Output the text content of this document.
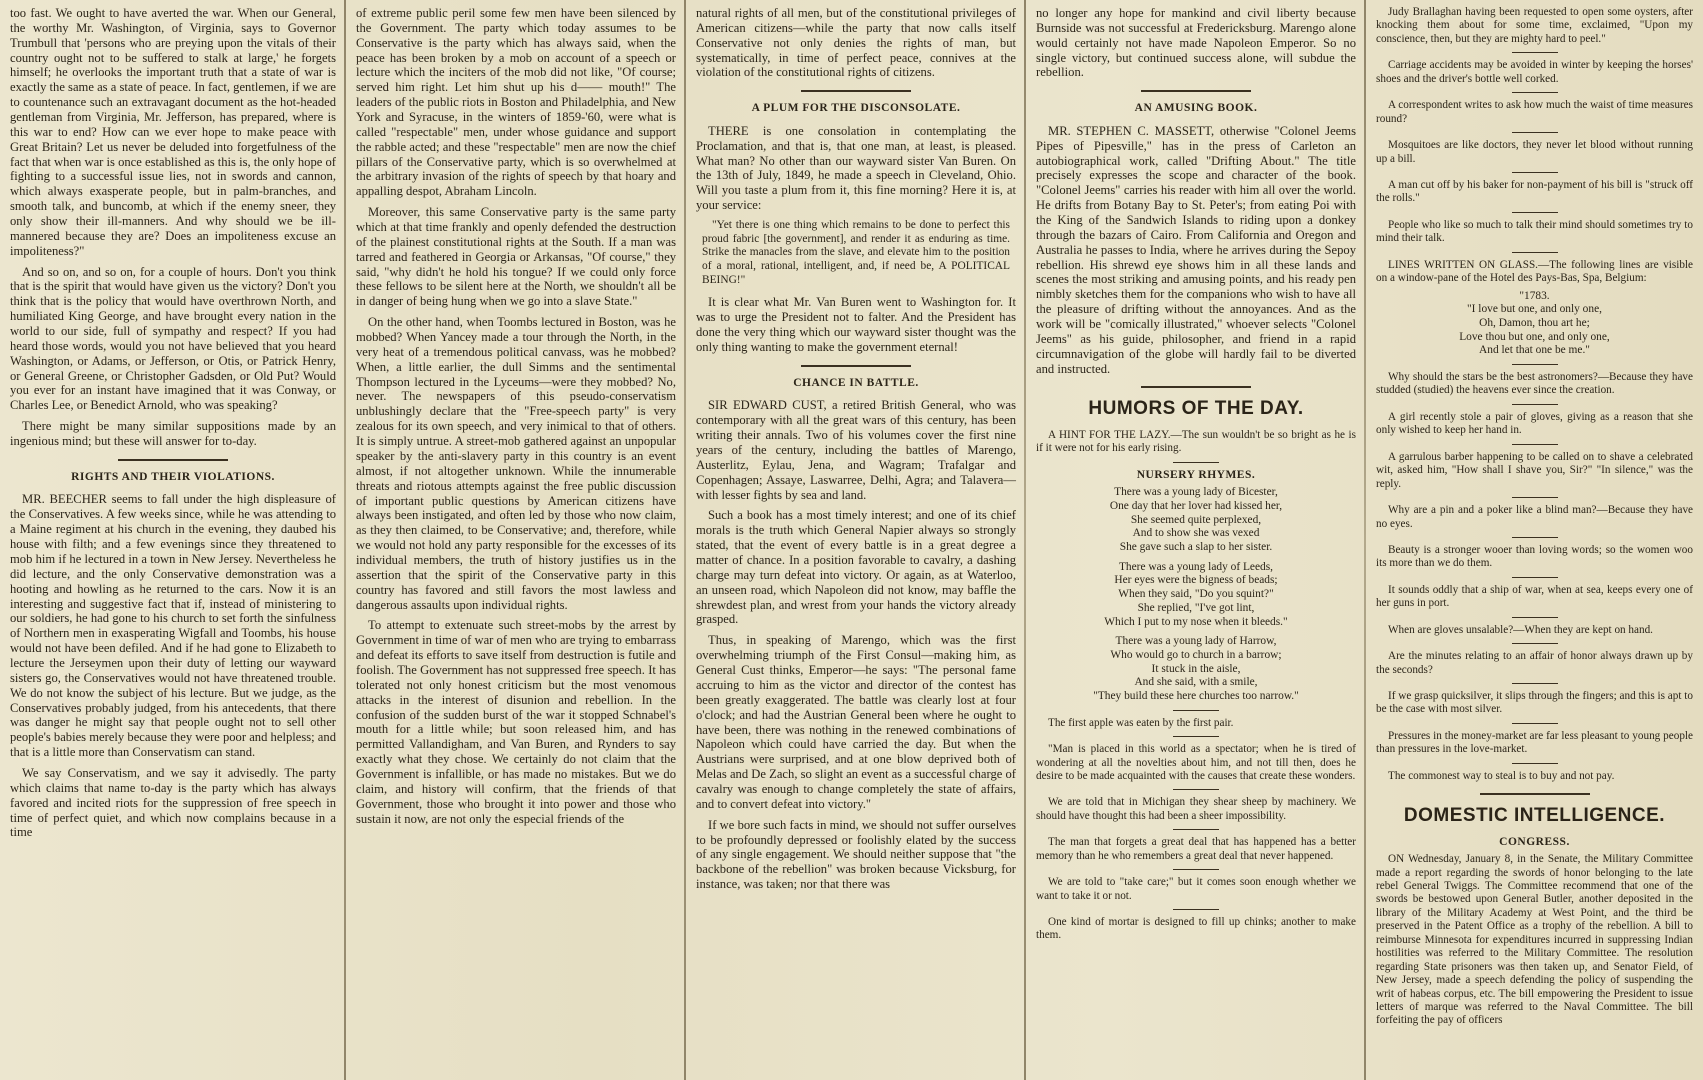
too fast. We ought to have averted the war. When our General, the worthy Mr. Washington, of Virginia, says to Governor Trumbull that 'persons who are preying upon the vitals of their country ought not to be suffered to stalk at large,' he forgets himself; he overlooks the important truth that a state of war is exactly the same as a state of peace. In fact, gentlemen, if we are to countenance such an extravagant document as the hot-headed gentleman from Virginia, Mr. Jefferson, has prepared, where is this war to end? How can we ever hope to make peace with Great Britain? Let us never be deluded into forgetfulness of the fact that when war is once established as this is, the only hope of fighting to a successful issue lies, not in swords and cannon, which always exasperate people, but in palm-branches, and smooth talk, and buncomb, at which if the enemy sneer, they only show their ill-manners. And why should we be ill-mannered because they are? Does an impoliteness excuse an impoliteness?"

And so on, and so on, for a couple of hours. Don't you think that is the spirit that would have given us the victory? Don't you think that is the policy that would have overthrown North, and humiliated King George, and have brought every nation in the world to our side, full of sympathy and respect? If you had heard those words, would you not have believed that you heard Washington, or Adams, or Jefferson, or Otis, or Patrick Henry, or General Greene, or Christopher Gadsden, or Old Put? Would you ever for an instant have imagined that it was Conway, or Charles Lee, or Benedict Arnold, who was speaking?

There might be many similar suppositions made by an ingenious mind; but these will answer for to-day.

RIGHTS AND THEIR VIOLATIONS.

MR. BEECHER seems to fall under the high displeasure of the Conservatives. A few weeks since, while he was attending to a Maine regiment at his church in the evening, they daubed his house with filth; and a few evenings since they threatened to mob him if he lectured in a town in New Jersey. Nevertheless he did lecture, and the only Conservative demonstration was a hooting and howling as he returned to the cars. Now it is an interesting and suggestive fact that if, instead of ministering to our soldiers, he had gone to his church to set forth the sinfulness of Northern men in exasperating Wigfall and Toombs, his house would not have been defiled. And if he had gone to Elizabeth to lecture the Jerseymen upon their duty of letting our wayward sisters go, the Conservatives would not have threatened trouble. We do not know the subject of his lecture. But we judge, as the Conservatives probably judged, from his antecedents, that there was danger he might say that people ought not to sell other people's babies merely because they were poor and helpless; and that is a little more than Conservatism can stand.

We say Conservatism, and we say it advisedly. The party which claims that name to-day is the party which has always favored and incited riots for the suppression of free speech in time of perfect quiet, and which now complains because in a time

of extreme public peril some few men have been silenced by the Government. The party which today assumes to be Conservative is the party which has always said, when the peace has been broken by a mob on account of a speech or lecture which the inciters of the mob did not like, "Of course; served him right. Let him shut up his d—— mouth!" The leaders of the public riots in Boston and Philadelphia, and New York and Syracuse, in the winters of 1859-'60, were what is called "respectable" men, under whose guidance and support the rabble acted; and these "respectable" men are now the chief pillars of the Conservative party, which is so overwhelmed at the arbitrary invasion of the rights of speech by that hoary and appalling despot, Abraham Lincoln.

Moreover, this same Conservative party is the same party which at that time frankly and openly defended the destruction of the plainest constitutional rights at the South. If a man was tarred and feathered in Georgia or Arkansas, "Of course," they said, "why didn't he hold his tongue? If we could only force these fellows to be silent here at the North, we shouldn't all be in danger of being hung when we go into a slave State."

On the other hand, when Toombs lectured in Boston, was he mobbed? When Yancey made a tour through the North, in the very heat of a tremendous political canvass, was he mobbed? When, a little earlier, the dull Simms and the sentimental Thompson lectured in the Lyceums—were they mobbed? No, never. The newspapers of this pseudo-conservatism unblushingly declare that the "Free-speech party" is very zealous for its own speech, and very inimical to that of others. It is simply untrue. A street-mob gathered against an unpopular speaker by the anti-slavery party in this country is an event almost, if not altogether unknown. While the innumerable threats and riotous attempts against the free public discussion of important public questions by American citizens have always been instigated, and often led by those who now claim, as they then claimed, to be Conservative; and, therefore, while we would not hold any party responsible for the excesses of its individual members, the truth of history justifies us in the assertion that the spirit of the Conservative party in this country has favored and still favors the most lawless and dangerous assaults upon individual rights.

To attempt to extenuate such street-mobs by the arrest by Government in time of war of men who are trying to embarrass and defeat its efforts to save itself from destruction is futile and foolish. The Government has not suppressed free speech. It has tolerated not only honest criticism but the most venomous attacks in the interest of disunion and rebellion. In the confusion of the sudden burst of the war it stopped Schnabel's mouth for a little while; but soon released him, and has permitted Vallandigham, and Van Buren, and Rynders to say exactly what they chose. We certainly do not claim that the Government is infallible, or has made no mistakes. But we do claim, and history will confirm, that the friends of that Government, those who brought it into power and those who sustain it now, are not only the especial friends of the

natural rights of all men, but of the constitutional privileges of American citizens—while the party that now calls itself Conservative not only denies the rights of man, but systematically, in time of perfect peace, connives at the violation of the constitutional rights of citizens.

A PLUM FOR THE DISCONSOLATE.

THERE is one consolation in contemplating the Proclamation, and that is, that one man, at least, is pleased. What man? No other than our wayward sister Van Buren. On the 13th of July, 1849, he made a speech in Cleveland, Ohio. Will you taste a plum from it, this fine morning? Here it is, at your service:

"Yet there is one thing which remains to be done to perfect this proud fabric [the government], and render it as enduring as time. Strike the manacles from the slave, and elevate him to the position of a moral, rational, intelligent, and, if need be, A POLITICAL BEING!"

It is clear what Mr. Van Buren went to Washington for. It was to urge the President not to falter. And the President has done the very thing which our wayward sister thought was the only thing wanting to make the government eternal!

CHANCE IN BATTLE.

SIR EDWARD CUST, a retired British General, who was contemporary with all the great wars of this century, has been writing their annals. Two of his volumes cover the first nine years of the century, including the battles of Marengo, Austerlitz, Eylau, Jena, and Wagram; Trafalgar and Copenhagen; Assaye, Laswarree, Delhi, Agra; and Talavera—with lesser fights by sea and land.

Such a book has a most timely interest; and one of its chief morals is the truth which General Napier always so strongly stated, that the event of every battle is in a great degree a matter of chance. In a position favorable to cavalry, a dashing charge may turn defeat into victory. Or again, as at Waterloo, an unseen road, which Napoleon did not know, may baffle the shrewdest plan, and wrest from your hands the victory already grasped.

Thus, in speaking of Marengo, which was the first overwhelming triumph of the First Consul—making him, as General Cust thinks, Emperor—he says: "The personal fame accruing to him as the victor and director of the contest has been greatly exaggerated. The battle was clearly lost at four o'clock; and had the Austrian General been where he ought to have been, there was nothing in the renewed combinations of Napoleon which could have carried the day. But when the Austrians were surprised, and at one blow deprived both of Melas and De Zach, so slight an event as a successful charge of cavalry was enough to change completely the state of affairs, and to convert defeat into victory."

If we bore such facts in mind, we should not suffer ourselves to be profoundly depressed or foolishly elated by the success of any single engagement. We should neither suppose that "the backbone of the rebellion" was broken because Vicksburg, for instance, was taken; nor that there was

no longer any hope for mankind and civil liberty because Burnside was not successful at Fredericksburg. Marengo alone would certainly not have made Napoleon Emperor. So no single victory, but continued success alone, will subdue the rebellion.

AN AMUSING BOOK.

MR. STEPHEN C. MASSETT, otherwise "Colonel Jeems Pipes of Pipesville," has in the press of Carleton an autobiographical work, called "Drifting About." The title precisely expresses the scope and character of the book. "Colonel Jeems" carries his reader with him all over the world. He drifts from Botany Bay to St. Peter's; from eating Poi with the King of the Sandwich Islands to riding upon a donkey through the bazars of Cairo. From California and Oregon and Australia he passes to India, where he arrives during the Sepoy rebellion. His shrewd eye shows him in all these lands and scenes the most striking and amusing points, and his ready pen nimbly sketches them for the companions who wish to have all the pleasure of drifting without the annoyances. And as the work will be "comically illustrated," whoever selects "Colonel Jeems" as his guide, philosopher, and friend in a rapid circumnavigation of the globe will hardly fail to be diverted and instructed.

HUMORS OF THE DAY.

A HINT FOR THE LAZY.—The sun wouldn't be so bright as he is if it were not for his early rising.

NURSERY RHYMES.
There was a young lady of Bicester,
One day that her lover had kissed her,
She seemed quite perplexed,
And to show she was vexed
She gave such a slap to her sister.
There was a young lady of Leeds,
Her eyes were the bigness of beads;
When they said, "Do you squint?"
She replied, "I've got lint,
Which I put to my nose when it bleeds."
There was a young lady of Harrow,
Who would go to church in a barrow;
It stuck in the aisle,
And she said, with a smile,
"They build these here churches too narrow."

The first apple was eaten by the first pair.

"Man is placed in this world as a spectator; when he is tired of wondering at all the novelties about him, and not till then, does he desire to be made acquainted with the causes that create these wonders.

We are told that in Michigan they shear sheep by machinery. We should have thought this had been a sheer impossibility.

The man that forgets a great deal that has happened has a better memory than he who remembers a great deal that never happened.

We are told to "take care;" but it comes soon enough whether we want to take it or not.

One kind of mortar is designed to fill up chinks; another to make them.

Judy Brallaghan having been requested to open some oysters, after knocking them about for some time, exclaimed, "Upon my conscience, then, but they are mighty hard to peel."

Carriage accidents may be avoided in winter by keeping the horses' shoes and the driver's bottle well corked.

A correspondent writes to ask how much the waist of time measures round?

Mosquitoes are like doctors, they never let blood without running up a bill.

A man cut off by his baker for non-payment of his bill is "struck off the rolls."

People who like so much to talk their mind should sometimes try to mind their talk.

LINES WRITTEN ON GLASS.—The following lines are visible on a window-pane of the Hotel des Pays-Bas, Spa, Belgium:

"1783.
"I love but one, and only one,
Oh, Damon, thou art he;
Love thou but one, and only one,
And let that one be me."

Why should the stars be the best astronomers?—Because they have studded (studied) the heavens ever since the creation.

A girl recently stole a pair of gloves, giving as a reason that she only wished to keep her hand in.

A garrulous barber happening to be called on to shave a celebrated wit, asked him, "How shall I shave you, Sir?" "In silence," was the reply.

Why are a pin and a poker like a blind man?—Because they have no eyes.

Beauty is a stronger wooer than loving words; so the women woo its more than we do them.

It sounds oddly that a ship of war, when at sea, keeps every one of her guns in port.

When are gloves unsalable?—When they are kept on hand.

Are the minutes relating to an affair of honor always drawn up by the seconds?

If we grasp quicksilver, it slips through the fingers; and this is apt to be the case with most silver.

Pressures in the money-market are far less pleasant to young people than pressures in the love-market.

The commonest way to steal is to buy and not pay.

DOMESTIC INTELLIGENCE.
CONGRESS.

ON Wednesday, January 8, in the Senate, the Military Committee made a report regarding the swords of honor belonging to the late rebel General Twiggs. The Committee recommend that one of the swords be bestowed upon General Butler, another deposited in the library of the Military Academy at West Point, and the third be preserved in the Patent Office as a trophy of the rebellion. A bill to reimburse Minnesota for expenditures incurred in suppressing Indian hostilities was referred to the Military Committee. The resolution regarding State prisoners was then taken up, and Senator Field, of New Jersey, made a speech defending the policy of suspending the writ of habeas corpus, etc. The bill empowering the President to issue letters of marque was referred to the Naval Committee. The bill forfeiting the pay of officers
